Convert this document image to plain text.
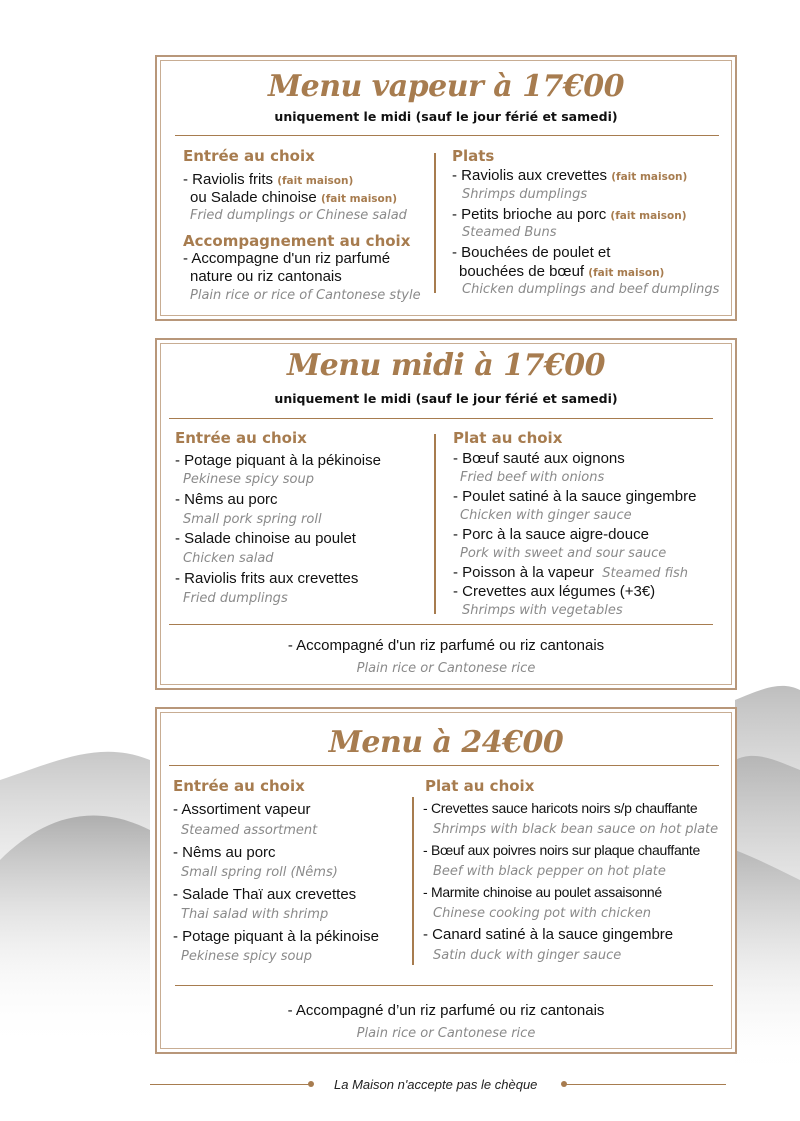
Menu vapeur à 17€00
uniquement le midi (sauf le jour férié et samedi)
Entrée au choix
- Raviolis frits (fait maison)
ou Salade chinoise (fait maison)
Fried dumplings or Chinese salad
Accompagnement au choix
- Accompagne d'un riz parfumé
nature ou riz cantonais
Plain rice or rice of Cantonese style
Plats
- Raviolis aux crevettes (fait maison)
Shrimps dumplings
- Petits brioche au porc (fait maison)
Steamed Buns
- Bouchées de poulet et
bouchées de bœuf (fait maison)
Chicken dumplings and beef dumplings
Menu midi à 17€00
uniquement le midi (sauf le jour férié et samedi)
Entrée au choix
- Potage piquant à la pékinoise
Pekinese spicy soup
- Nêms au porc
Small pork spring roll
- Salade chinoise au poulet
Chicken salad
- Raviolis frits aux crevettes
Fried dumplings
Plat au choix
- Bœuf sauté aux oignons
Fried beef with onions
- Poulet satiné à la sauce gingembre
Chicken with ginger sauce
- Porc à la sauce aigre-douce
Pork with sweet and sour sauce
- Poisson à la vapeur Steamed fish
- Crevettes aux légumes (+3€)
Shrimps with vegetables
- Accompagné d'un riz parfumé ou riz cantonais
Plain rice or Cantonese rice
Menu à 24€00
Entrée au choix
- Assortiment vapeur
Steamed assortment
- Nêms au porc
Small spring roll (Nêms)
- Salade Thaï aux crevettes
Thai salad with shrimp
- Potage piquant à la pékinoise
Pekinese spicy soup
Plat au choix
- Crevettes sauce haricots noirs s/p chauffante
Shrimps with black bean sauce on hot plate
- Bœuf aux poivres noirs sur plaque chauffante
Beef with black pepper on hot plate
- Marmite chinoise au poulet assaisonné
Chinese cooking pot with chicken
- Canard satiné à la sauce gingembre
Satin duck with ginger sauce
- Accompagné d’un riz parfumé ou riz cantonais
Plain rice or Cantonese rice
La Maison n'accepte pas le chèque
